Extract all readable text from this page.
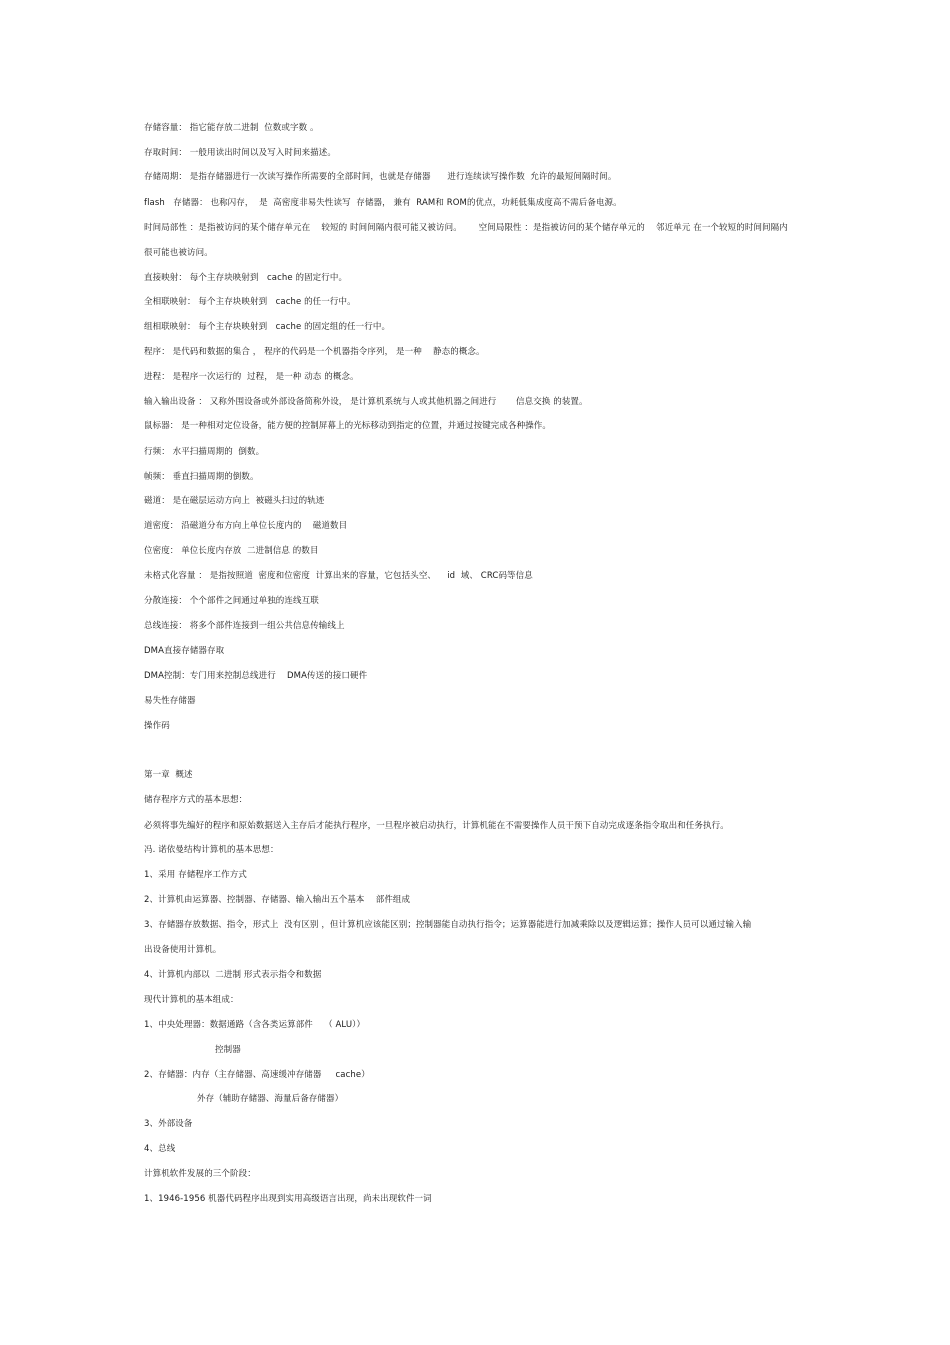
存储容量： 指它能存放二进制  位数或字数 。
存取时间： 一般用读出时间以及写入时间来描述。
存储周期： 是指存储器进行一次读写操作所需要的全部时间，也就是存储器      进行连续读写操作数  允许的最短间隔时间。
flash   存储器： 也称闪存，  是  高密度非易失性读写  存储器， 兼有  RAM和 ROM的优点，功耗低集成度高不需后备电源。
时间局部性 ：是指被访问的某个储存单元在    较短的 时间间隔内很可能又被访问。      空间局限性 ：是指被访问的某个储存单元的    邻近单元 在一个较短的时间间隔内
很可能也被访问。
直接映射： 每个主存块映射到   cache 的固定行中。
全相联映射： 每个主存块映射到   cache 的任一行中。
组相联映射： 每个主存块映射到   cache 的固定组的任一行中。
程序： 是代码和数据的集合 ， 程序的代码是一个机器指令序列， 是一种    静态的概念。
进程： 是程序一次运行的  过程， 是一种 动态 的概念。
输入输出设备 ： 又称外围设备或外部设备简称外设， 是计算机系统与人或其他机器之间进行       信息交换 的装置。
鼠标器： 是一种相对定位设备，能方便的控制屏幕上的光标移动到指定的位置，并通过按键完成各种操作。
行频： 水平扫描周期的  倒数。
帧频： 垂直扫描周期的倒数。
磁道： 是在磁层运动方向上  被磁头扫过的轨迹
道密度： 沿磁道分布方向上单位长度内的    磁道数目
位密度： 单位长度内存放  二进制信息 的数目
未格式化容量 ： 是指按照道  密度和位密度  计算出来的容量，它包括头空、    id  域、 CRC码等信息
分散连接： 个个部件之间通过单独的连线互联
总线连接： 将多个部件连接到一组公共信息传输线上
DMA直接存储器存取
DMA控制：专门用来控制总线进行    DMA传送的接口硬件
易失性存储器
操作码
第一章  概述
储存程序方式的基本思想：
必须将事先编好的程序和原始数据送入主存后才能执行程序，一旦程序被启动执行，计算机能在不需要操作人员干预下自动完成逐条指令取出和任务执行。
冯. 诺依曼结构计算机的基本思想：
1、采用 存储程序工作方式
2、计算机由运算器、控制器、存储器、输入输出五个基本    部件组成
3、存储器存放数据、指令，形式上  没有区别 ，但计算机应该能区别；控制器能自动执行指令；运算器能进行加减乘除以及逻辑运算；操作人员可以通过输入输
出设备使用计算机。
4、计算机内部以  二进制 形式表示指令和数据
现代计算机的基本组成：
1、中央处理器：数据通路（含各类运算部件    （ ALU））
控制器
2、存储器：内存（主存储器、高速缓冲存储器     cache）
外存（辅助存储器、海量后备存储器）
3、外部设备
4、总线
计算机软件发展的三个阶段：
1、1946-1956 机器代码程序出现到实用高级语言出现，尚未出现软件一词
